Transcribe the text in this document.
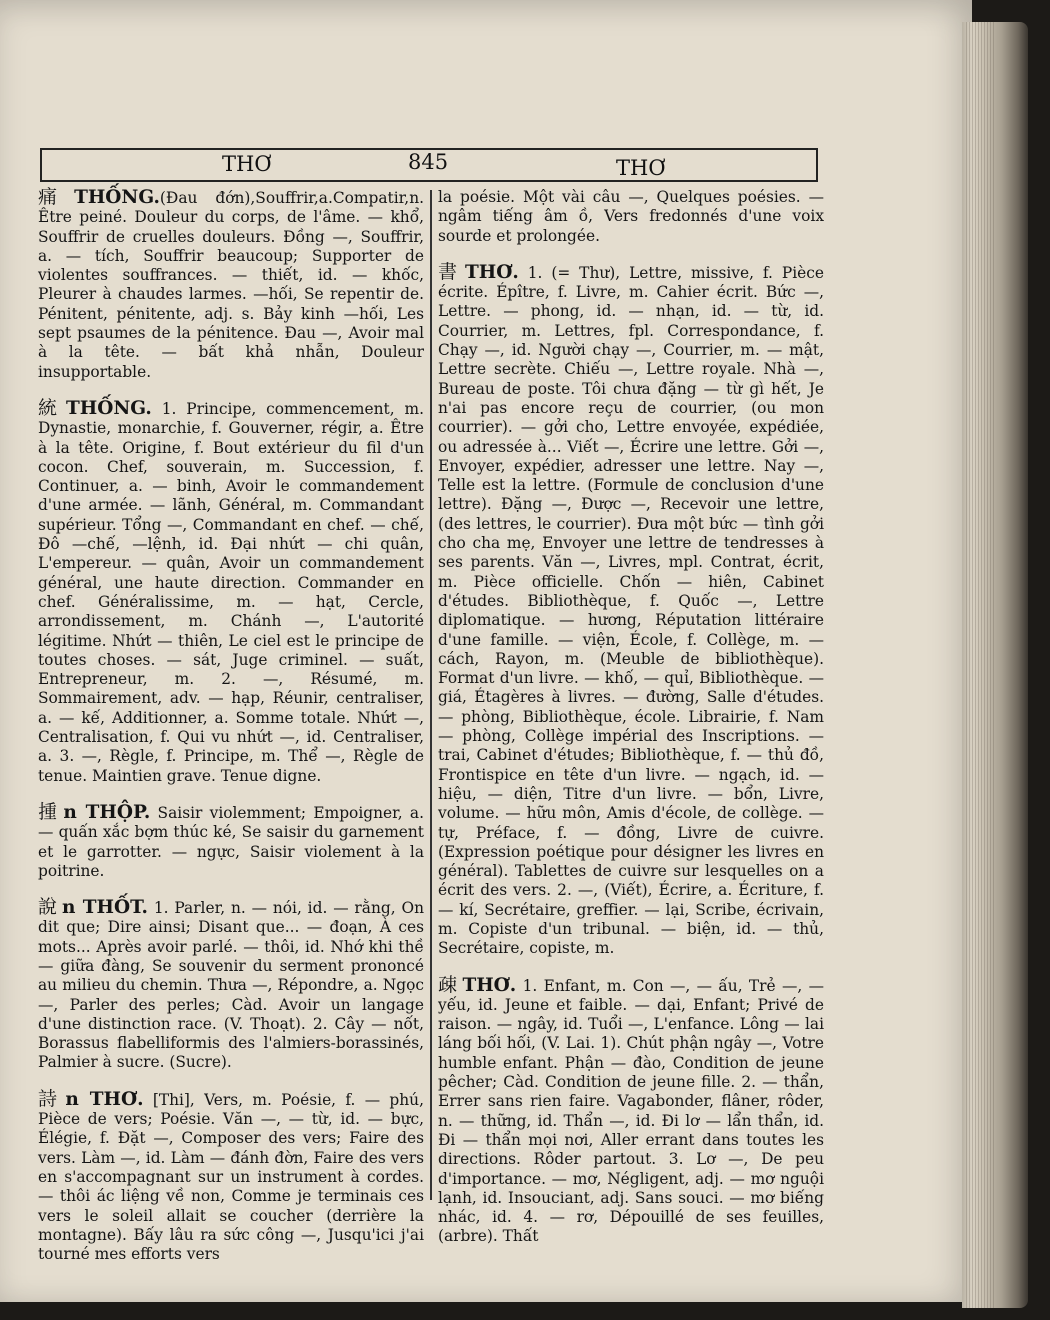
THƠ	845	THƠ

痛 THỐNG.(Đau đớn),Souffrir,a.Compatir,n. Être peiné. Douleur du corps, de l'âme. — khổ, Souffrir de cruelles douleurs. Đồng —, Souffrir, a. — tích, Souffrir beaucoup; Supporter de violentes souffrances. — thiết, id. — khốc, Pleurer à chaudes larmes. —hối, Se repentir de. Pénitent, pénitente, adj. s. Bảy kinh —hối, Les sept psaumes de la pénitence. Đau —, Avoir mal à la tête. — bất khả nhẫn, Douleur insupportable.

統 THỐNG. 1. Principe, commencement, m. Dynastie, monarchie, f. Gouverner, régir, a. Être à la tête. Origine, f. Bout extérieur du fil d'un cocon. Chef, souverain, m. Succession, f. Continuer, a. — binh, Avoir le commandement d'une armée. — lãnh, Général, m. Commandant supérieur. Tổng —, Commandant en chef. — chế, Đô —chế, —lệnh, id. Đại nhứt — chi quân, L'empereur. — quân, Avoir un commandement général, une haute direction. Commander en chef. Généralissime, m. — hạt, Cercle, arrondissement, m. Chánh —, L'autorité légitime. Nhứt — thiên, Le ciel est le principe de toutes choses. — sát, Juge criminel. — suất, Entrepreneur, m. 2. —, Résumé, m. Sommairement, adv. — hạp, Réunir, centraliser, a. — kế, Additionner, a. Somme totale. Nhứt —, Centralisation, f. Qui vu nhứt —, id. Centraliser, a. 3. —, Règle, f. Principe, m. Thể —, Règle de tenue. Maintien grave. Tenue digne.

揰 n THỘP. Saisir violemment; Empoigner, a. — quấn xắc bợm thúc ké, Se saisir du garnement et le garrotter. — ngực, Saisir violement à la poitrine.

說 n THỐT. 1. Parler, n. — nói, id. — rằng, On dit que; Dire ainsi; Disant que... — đoạn, À ces mots... Après avoir parlé. — thôi, id. Nhớ khi thề — giữa đàng, Se souvenir du serment prononcé au milieu du chemin. Thưa —, Répondre, a. Ngọc —, Parler des perles; Càd. Avoir un langage d'une distinction race. (V. Thoạt). 2. Cây — nốt, Borassus flabelliformis des l'almiers-borassinés, Palmier à sucre. (Sucre).

詩 n THƠ. [Thi], Vers, m. Poésie, f. — phú, Pièce de vers; Poésie. Văn —, — từ, id. — bực, Élégie, f. Đặt —, Composer des vers; Faire des vers. Làm —, id. Làm — đánh đờn, Faire des vers en s'accompagnant sur un instrument à cordes. — thôi ác liệng về non, Comme je terminais ces vers le soleil allait se coucher (derrière la montagne). Bấy lâu ra sức công —, Jusqu'ici j'ai tourné mes efforts vers

la poésie. Một vài câu —, Quelques poésies. — ngâm tiếng âm ồ, Vers fredonnés d'une voix sourde et prolongée.

書 THƠ. 1. (= Thư), Lettre, missive, f. Pièce écrite. Épître, f. Livre, m. Cahier écrit. Bức —, Lettre. — phong, id. — nhạn, id. — từ, id. Courrier, m. Lettres, fpl. Correspondance, f. Chạy —, id. Người chạy —, Courrier, m. — mật, Lettre secrète. Chiếu —, Lettre royale. Nhà —, Bureau de poste. Tôi chưa đặng — từ gì hết, Je n'ai pas encore reçu de courrier, (ou mon courrier). — gởi cho, Lettre envoyée, expédiée, ou adressée à... Viết —, Écrire une lettre. Gởi —, Envoyer, expédier, adresser une lettre. Nay —, Telle est la lettre. (Formule de conclusion d'une lettre). Đặng —, Được —, Recevoir une lettre, (des lettres, le courrier). Đưa một bức — tình gởi cho cha mẹ, Envoyer une lettre de tendresses à ses parents. Văn —, Livres, mpl. Contrat, écrit, m. Pièce officielle. Chốn — hiên, Cabinet d'études. Bibliothèque, f. Quốc —, Lettre diplomatique. — hương, Réputation littéraire d'une famille. — viện, École, f. Collège, m. — cách, Rayon, m. (Meuble de bibliothèque). Format d'un livre. — khố, — quỉ, Bibliothèque. — giá, Étagères à livres. — đường, Salle d'études. — phòng, Bibliothèque, école. Librairie, f. Nam — phòng, Collège impérial des Inscriptions. — trai, Cabinet d'études; Bibliothèque, f. — thủ đồ, Frontispice en tête d'un livre. — ngạch, id. — hiệu, — diện, Titre d'un livre. — bổn, Livre, volume. — hữu môn, Amis d'école, de collège. — tự, Préface, f. — đồng, Livre de cuivre. (Expression poétique pour désigner les livres en général). Tablettes de cuivre sur lesquelles on a écrit des vers. 2. —, (Viết), Écrire, a. Écriture, f. — kí, Secrétaire, greffier. — lại, Scribe, écrivain, m. Copiste d'un tribunal. — biện, id. — thủ, Secrétaire, copiste, m.

疎 THƠ. 1. Enfant, m. Con —, — ấu, Trẻ —, — yếu, id. Jeune et faible. — dại, Enfant; Privé de raison. — ngây, id. Tuổi —, L'enfance. Lông — lai láng bối hối, (V. Lai. 1). Chút phận ngây —, Votre humble enfant. Phận — đào, Condition de jeune pêcher; Càd. Condition de jeune fille. 2. — thẩn, Errer sans rien faire. Vagabonder, flâner, rôder, n. — thững, id. Thẩn —, id. Đi lơ — lẩn thẩn, id. Đi — thẩn mọi nơi, Aller errant dans toutes les directions. Rôder partout. 3. Lơ —, De peu d'importance. — mơ, Négligent, adj. — mơ nguội lạnh, id. Insouciant, adj. Sans souci. — mơ biếng nhác, id. 4. — rơ, Dépouillé de ses feuilles, (arbre). Thất
